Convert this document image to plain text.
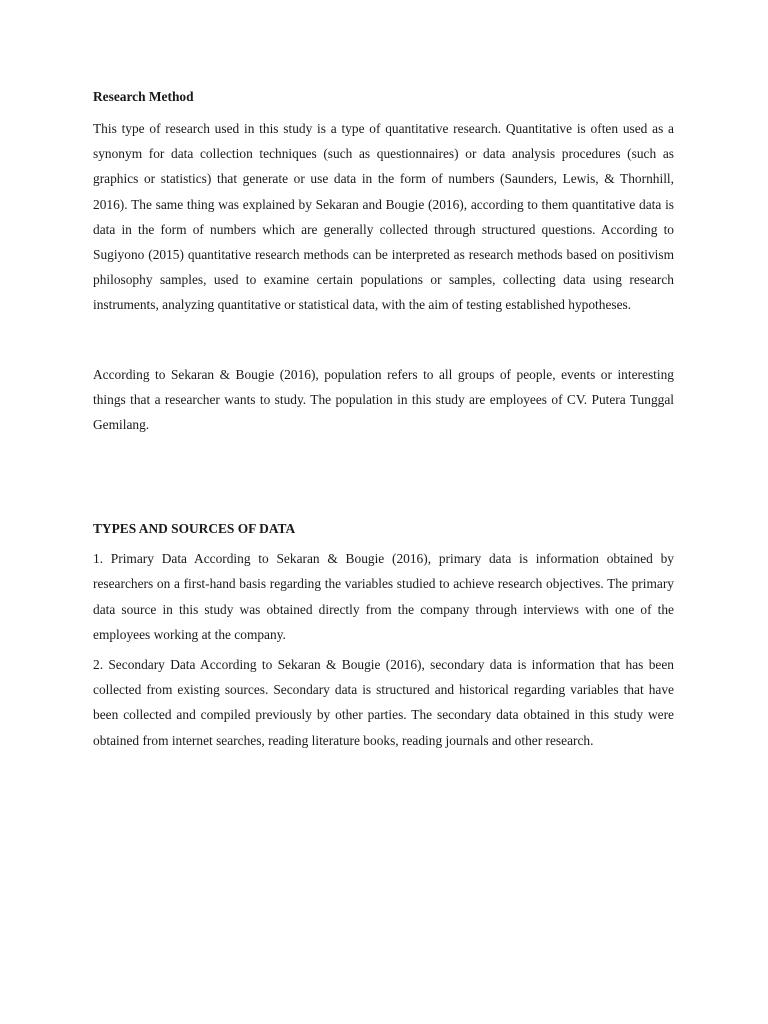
Research Method

This type of research used in this study is a type of quantitative research. Quantitative is often used as a synonym for data collection techniques (such as questionnaires) or data analysis procedures (such as graphics or statistics) that generate or use data in the form of numbers (Saunders, Lewis, & Thornhill, 2016). The same thing was explained by Sekaran and Bougie (2016), according to them quantitative data is data in the form of numbers which are generally collected through structured questions. According to Sugiyono (2015) quantitative research methods can be interpreted as research methods based on positivism philosophy samples, used to examine certain populations or samples, collecting data using research instruments, analyzing quantitative or statistical data, with the aim of testing established hypotheses.

According to Sekaran & Bougie (2016), population refers to all groups of people, events or interesting things that a researcher wants to study. The population in this study are employees of CV. Putera Tunggal Gemilang.

TYPES AND SOURCES OF DATA

1. Primary Data According to Sekaran & Bougie (2016), primary data is information obtained by researchers on a first-hand basis regarding the variables studied to achieve research objectives. The primary data source in this study was obtained directly from the company through interviews with one of the employees working at the company.

2. Secondary Data According to Sekaran & Bougie (2016), secondary data is information that has been collected from existing sources. Secondary data is structured and historical regarding variables that have been collected and compiled previously by other parties. The secondary data obtained in this study were obtained from internet searches, reading literature books, reading journals and other research.
